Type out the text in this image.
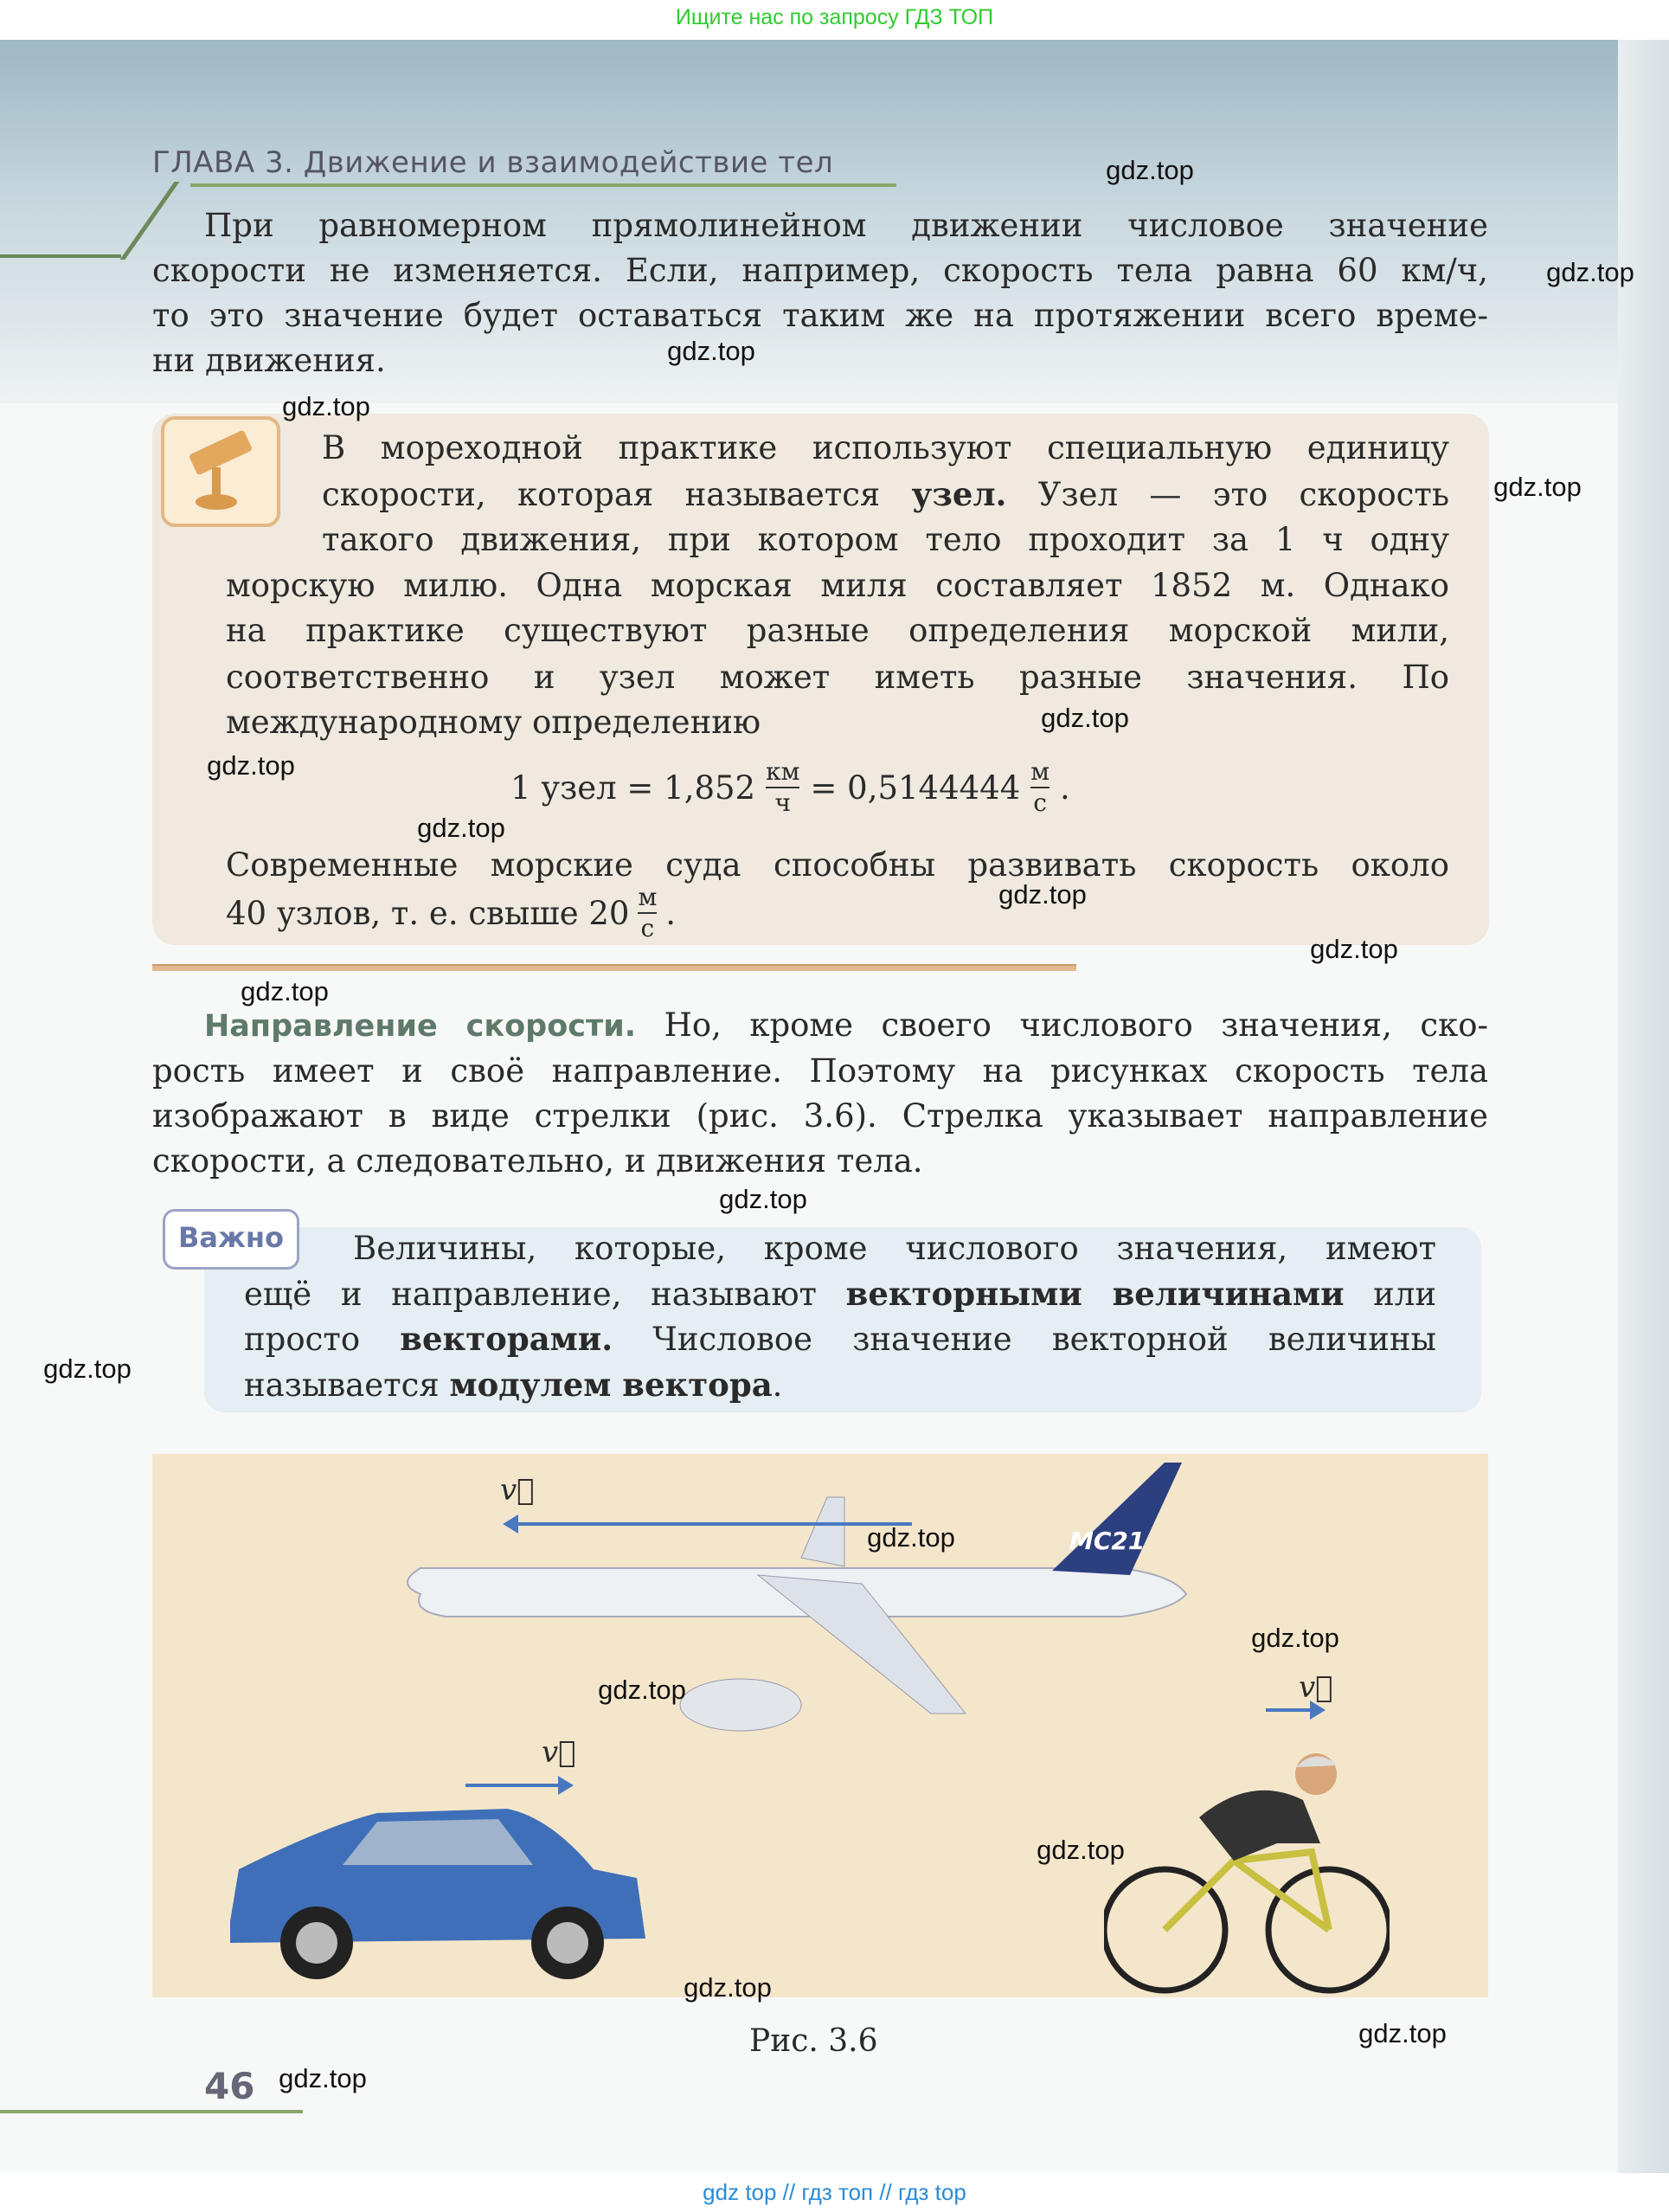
Ищите нас по запросу ГДЗ ТОП
ГЛАВА 3. Движение и взаимодействие тел
При равномерном прямолинейном движении числовое значение
скорости не изменяется. Если, например, скорость тела равна 60 км/ч,
то это значение будет оставаться таким же на протяжении всего време-
ни движения.
В мореходной практике используют специальную единицу
скорости, которая называется узел. Узел — это скорость
такого движения, при котором тело проходит за 1 ч одну
морскую милю. Одна морская миля составляет 1852 м. Однако
на практике существуют разные определения морской мили,
соответственно и узел может иметь разные значения. По
международному определению
1 узел = 1,852 км
ч = 0,5144444 м
с .
Современные морские суда способны развивать скорость около
40 узлов, т. е. свыше 20 м
с .
Направление скорости. Но, кроме своего числового значения, ско-
рость имеет и своё направление. Поэтому на рисунках скорость тела
изображают в виде стрелки (рис. 3.6). Стрелка указывает направление
скорости, а следовательно, и движения тела.
Важно	Величины, которые, кроме числового значения, имеют
ещё и направление, называют векторными величинами или
просто векторами. Числовое значение векторной величины
называется модулем вектора.
MC21
v⃗
v⃗
v⃗
Рис. 3.6
46
gdz.top
gdz.top
gdz.top
gdz.top
gdz.top
gdz.top
gdz.top
gdz.top
gdz.top
gdz.top
gdz.top
gdz.top
gdz.top
gdz.top
gdz.top
gdz.top
gdz.top
gdz.top
gdz.top
gdz.top
gdz top // гдз топ // гдз top
